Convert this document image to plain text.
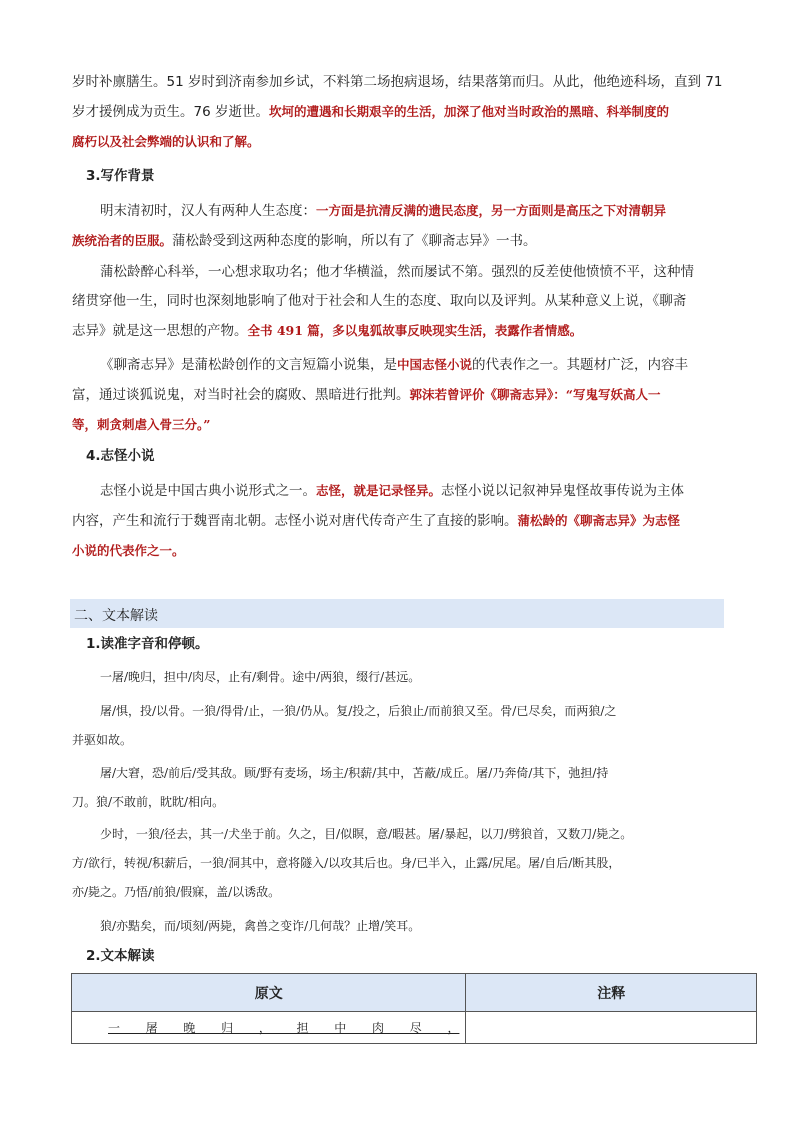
岁时补廪膳生。51 岁时到济南参加乡试，不料第二场抱病退场，结果落第而归。从此，他绝迹科场，直到 71
岁才援例成为贡生。76 岁逝世。坎坷的遭遇和长期艰辛的生活，加深了他对当时政治的黑暗、科举制度的
腐朽以及社会弊端的认识和了解。

3.写作背景

明末清初时，汉人有两种人生态度：一方面是抗清反满的遗民态度，另一方面则是高压之下对清朝异
族统治者的臣服。蒲松龄受到这两种态度的影响，所以有了《聊斋志异》一书。

蒲松龄醉心科举，一心想求取功名；他才华横溢，然而屡试不第。强烈的反差使他愤愤不平，这种情
绪贯穿他一生，同时也深刻地影响了他对于社会和人生的态度、取向以及评判。从某种意义上说，《聊斋
志异》就是这一思想的产物。全书 491 篇，多以鬼狐故事反映现实生活，表露作者情感。

《聊斋志异》是蒲松龄创作的文言短篇小说集，是中国志怪小说的代表作之一。其题材广泛，内容丰
富，通过谈狐说鬼，对当时社会的腐败、黑暗进行批判。郭沫若曾评价《聊斋志异》：“写鬼写妖高人一
等，刺贪刺虐入骨三分。”

4.志怪小说

志怪小说是中国古典小说形式之一。志怪，就是记录怪异。志怪小说以记叙神异鬼怪故事传说为主体
内容，产生和流行于魏晋南北朝。志怪小说对唐代传奇产生了直接的影响。蒲松龄的《聊斋志异》为志怪
小说的代表作之一。

二、文本解读

1.读准字音和停顿。

一屠/晚归，担中/肉尽，止有/剩骨。途中/两狼，缀行/甚远。

屠/惧，投/以骨。一狼/得骨/止，一狼/仍从。复/投之，后狼止/而前狼又至。骨/已尽矣，而两狼/之
并驱如故。

屠/大窘，恐/前后/受其敌。顾/野有麦场，场主/积薪/其中，苫蔽/成丘。屠/乃奔倚/其下，弛担/持
刀。狼/不敢前，眈眈/相向。

少时，一狼/径去，其一/犬坐于前。久之，目/似瞑，意/暇甚。屠/暴起，以刀/劈狼首，又数刀/毙之。
方/欲行，转视/积薪后，一狼/洞其中，意将隧入/以攻其后也。身/已半入，止露/尻尾。屠/自后/断其股，
亦/毙之。乃悟/前狼/假寐，盖/以诱敌。

狼/亦黠矣，而/顷刻/两毙，禽兽之变诈/几何哉？止增/笑耳。

2.文本解读

原文	注释

一屠晚归，担中肉尽，	
